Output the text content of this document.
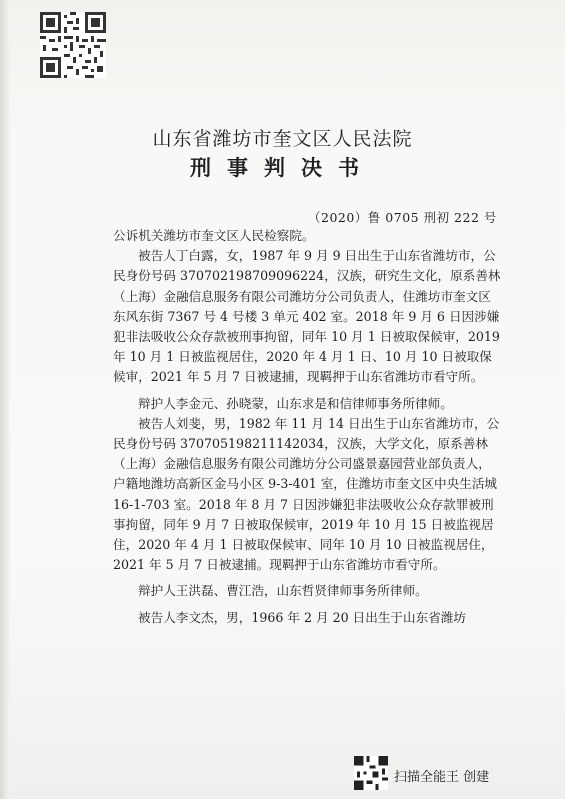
山东省潍坊市奎文区人民法院
刑事判决书
（2020）鲁 0705 刑初 222 号

公诉机关潍坊市奎文区人民检察院。

被告人丁白露，女，1987 年 9 月 9 日出生于山东省潍坊市，公民身份号码 370702198709096224，汉族，研究生文化，原系善林（上海）金融信息服务有限公司潍坊分公司负责人，住潍坊市奎文区东风东街 7367 号 4 号楼 3 单元 402 室。2018 年 9 月 6 日因涉嫌犯非法吸收公众存款被刑事拘留，同年 10 月 1 日被取保候审，2019 年 10 月 1 日被监视居住，2020 年 4 月 1 日、10 月 10 日被取保候审，2021 年 5 月 7 日被逮捕，现羁押于山东省潍坊市看守所。

辩护人李金元、孙晓蒙，山东求是和信律师事务所律师。

被告人刘斐，男，1982 年 11 月 14 日出生于山东省潍坊市，公民身份号码 370705198211142034，汉族，大学文化，原系善林（上海）金融信息服务有限公司潍坊分公司盛景嘉园营业部负责人，户籍地潍坊高新区金马小区 9-3-401 室，住潍坊市奎文区中央生活城 16-1-703 室。2018 年 8 月 7 日因涉嫌犯非法吸收公众存款罪被刑事拘留，同年 9 月 7 日被取保候审，2019 年 10 月 15 日被监视居住，2020 年 4 月 1 日被取保候审、同年 10 月 10 日被监视居住，2021 年 5 月 7 日被逮捕。现羁押于山东省潍坊市看守所。

辩护人王洪磊、曹江浩，山东哲贤律师事务所律师。

被告人李文杰，男，1966 年 2 月 20 日出生于山东省潍坊

扫描全能王 创建
